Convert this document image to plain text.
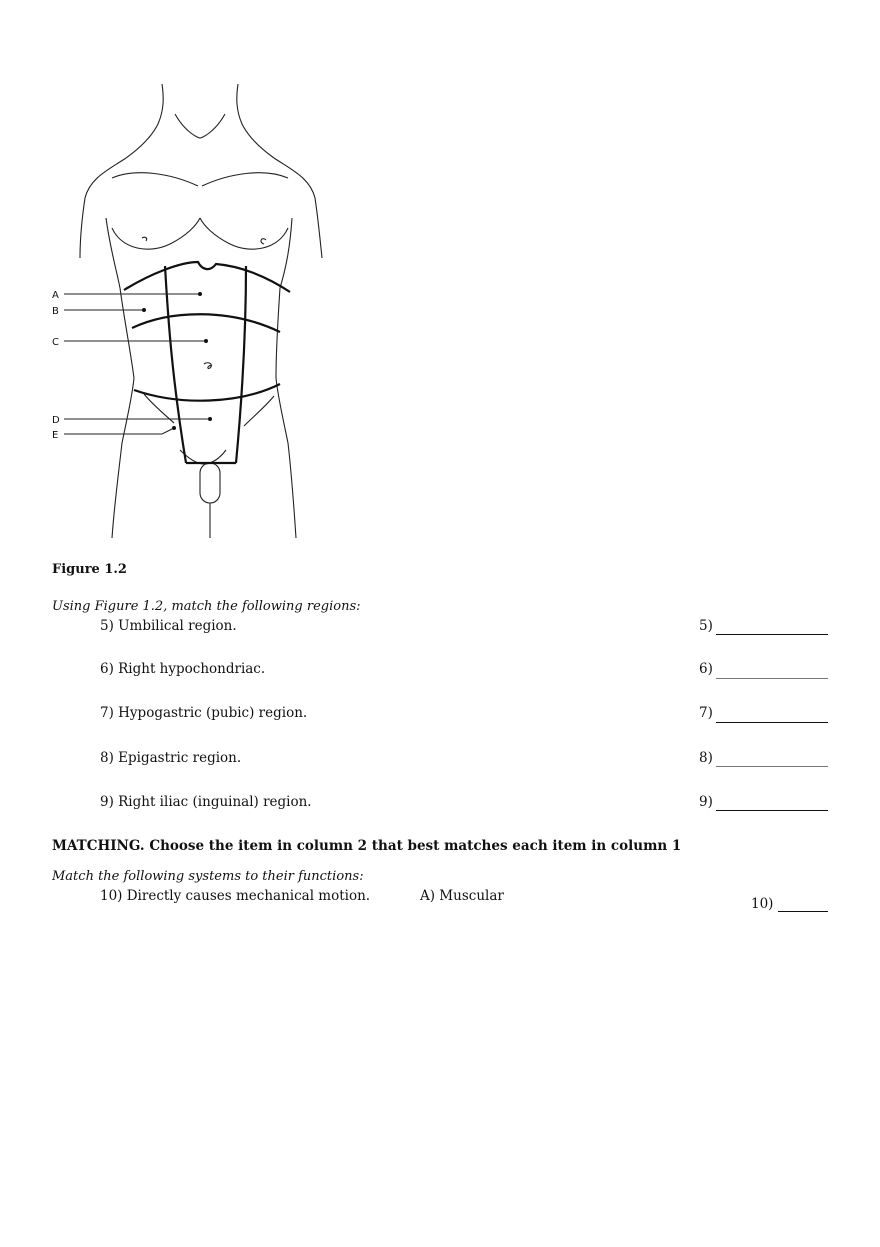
A
B
C
D
E
Figure 1.2
Using Figure 1.2, match the following regions:
5) Umbilical region.	5)
6) Right hypochondriac.	6)
7) Hypogastric (pubic) region.	7)
8) Epigastric region.	8)
9) Right iliac (inguinal) region.	9)
MATCHING. Choose the item in column 2 that best matches each item in column 1
Match the following systems to their functions:
10) Directly causes mechanical motion.	A) Muscular	10)
